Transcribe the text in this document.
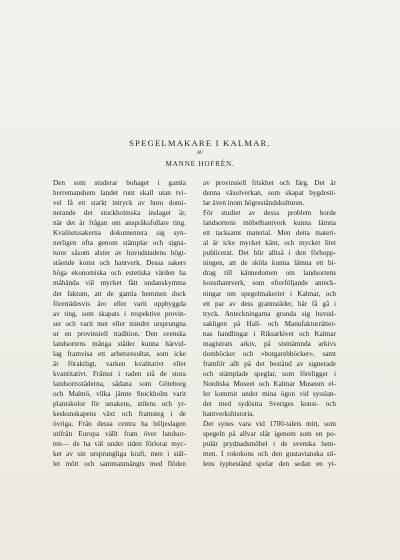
SPEGELMAKARE I KALMAR.
AV
MANNE HOFRÉN.
Den som studerar bohaget i gamla
herremanshem landet runt skall utan tvi-
vel få ett starkt intryck av huru domi-
nerande det stockholmska inslaget är,
när det är frågan om anspråksfullare ting.
Kvalitetssakerna dokumentera sig syn-
nerligen ofta genom stämplar och signa-
turer såsom alster av huvudstadens högt-
stående konst och hantverk. Dessa sakers
höga ekonomiska och estetiska värden ha
måhända väl mycket fått undanskymma
det faktum, att de gamla hemmen dock
företrädesvis äro eller varit uppbyggda
av ting, som skapats i respektive provin-
ser och varit mer eller mindre ursprungna
ur en provinsiell tradition. Den svenska
landsortens många städer kunna härvid-
lag framvisa ett arbetsresultat, som icke
är föraktligt, varken kvalitativt eller
kvantitativt. Främst i raden stå de stora
landsortsstäderna, sådana som Göteborg
och Malmö, vilka jämte Stockholm varit
plantskolor för smakens, stilens och yr-
keskunskapens växt och framsteg i de
övriga. Från dessa centra ha böljeslagen
utifrån Europa vällt fram över landsor-
ten— de ha väl under tiden förlorat myc-
ket av sin ursprungliga kraft, men i stäl-
let mött och sammanmängts med flöden
av provinsiell friskhet och färg. Det är
denna växelverkan, som skapat bygdesti-
lar även inom högreståndskulturen.
För studiet av dessa problem borde
landsortens möbelhantverk kunna lämna
ett tacksamt material. Men detta materi-
al är icke mycket känt, och mycket litet
publicerat. Det blir alltså i den förhopp-
ningen, att de sköla kunna lämna ett bi-
drag till kännedomen om landsortens
konsthantverk, som efterföljande anteck-
ningar om spegelmakeriet i Kalmar, och
ett par av dess grannstäder, här få gå i
tryck. Anteckningarna grunda sig huvud-
sakligen på Hall- och Manufakturrätter-
nas handlingar i Riksarkivet och Kalmar
magistrats arkiv, på sistnämnda arkivs
domböcker och »borgarebböcker», samt
framför allt på det bestånd av signerade
och stämplade speglar, som föreligger i
Nordiska Museet och Kalmar Museum el-
ler kommit under mina ögon vid sysslan-
det med sydöstra Sveriges konst- och
hantverkshistoria.
Det synes vara vid 1700-talets mitt, som
spegeln på allvar slår igenom som en po-
pulär prydnadsmöbel i de svenska hem-
men. I rokokons och den gustavianska sti-
lens typbestånd spelar den sedan en yt-
